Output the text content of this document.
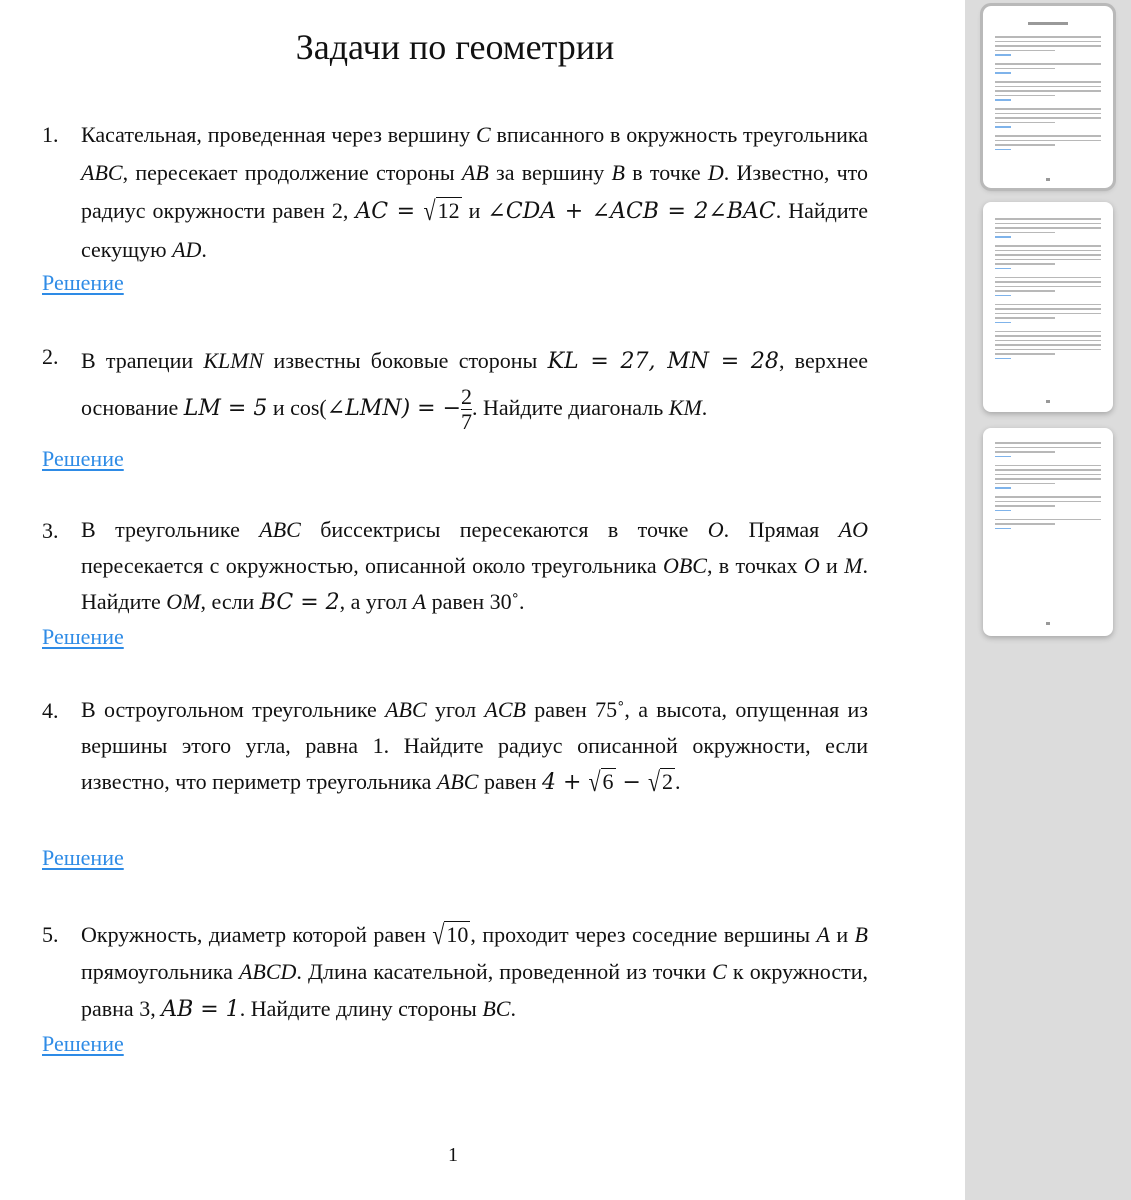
Задачи по геометрии
1. Касательная, проведенная через вершину C вписанного в окружность треугольника ABC, пересекает продолжение стороны AB за вершину B в точке D. Известно, что радиус окружности равен 2, AC = √12 и ∠CDA + ∠ACB = 2∠BAC. Найдите секущую AD.

Решение
2. В трапеции KLMN известны боковые стороны KL = 27, MN = 28, верхнее основание LM = 5 и cos(∠LMN) = − $\frac{2}{7}$ . Найдите диагональ KM.

Решение
3. В треугольнике ABC биссектрисы пересекаются в точке O. Прямая AO пересекается с окружностью, описанной около треугольника OBC, в точках O и M. Найдите OM, если BC = 2, а угол A равен 30˚.

Решение
4. В остроугольном треугольнике ABC угол ACB равен 75˚, а высота, опущенная из вершины этого угла, равна 1. Найдите радиус описанной окружности, если известно, что периметр треугольника ABC равен 4 + √6 − √2.

Решение
5. Окружность, диаметр которой равен √10, проходит через соседние вершины A и B прямоугольника ABCD. Длина касательной, проведенной из точки C к окружности, равна 3, AB = 1. Найдите длину стороны BC.

Решение
1
